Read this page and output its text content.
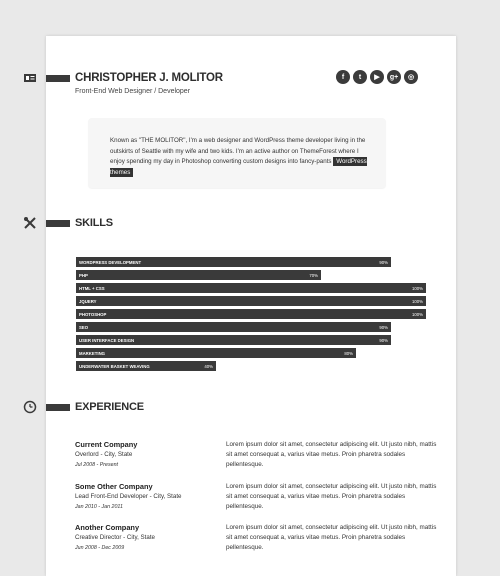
CHRISTOPHER J. MOLITOR
Front-End Web Designer / Developer
f	t	▶	g+	◎

Known as "THE MOLITOR", I'm a web designer and WordPress theme developer living in the outskirts of Seattle with my wife and two kids. I'm an active author on ThemeForest where I enjoy spending my day in Photoshop converting custom designs into fancy-pants WordPress themes

SKILLS
WORDPRESS DEVELOPMENT	90%
PHP	70%
HTML + CSS	100%
JQUERY	100%
PHOTOSHOP	100%
SEO	90%
USER INTERFACE DESIGN	90%
MARKETING	80%
UNDERWATER BASKET WEAVING	40%
EXPERIENCE
Current Company
Overlord - City, State
Jul 2008 - Present

Lorem ipsum dolor sit amet, consectetur adipiscing elit. Ut justo nibh, mattis sit amet consequat a, varius vitae metus. Proin pharetra sodales pellentesque.

Some Other Company
Lead Front-End Developer - City, State
Jan 2010 - Jan 2011

Lorem ipsum dolor sit amet, consectetur adipiscing elit. Ut justo nibh, mattis sit amet consequat a, varius vitae metus. Proin pharetra sodales pellentesque.

Another Company
Creative Director - City, State
Jun 2008 - Dec 2009

Lorem ipsum dolor sit amet, consectetur adipiscing elit. Ut justo nibh, mattis sit amet consequat a, varius vitae metus. Proin pharetra sodales pellentesque.
